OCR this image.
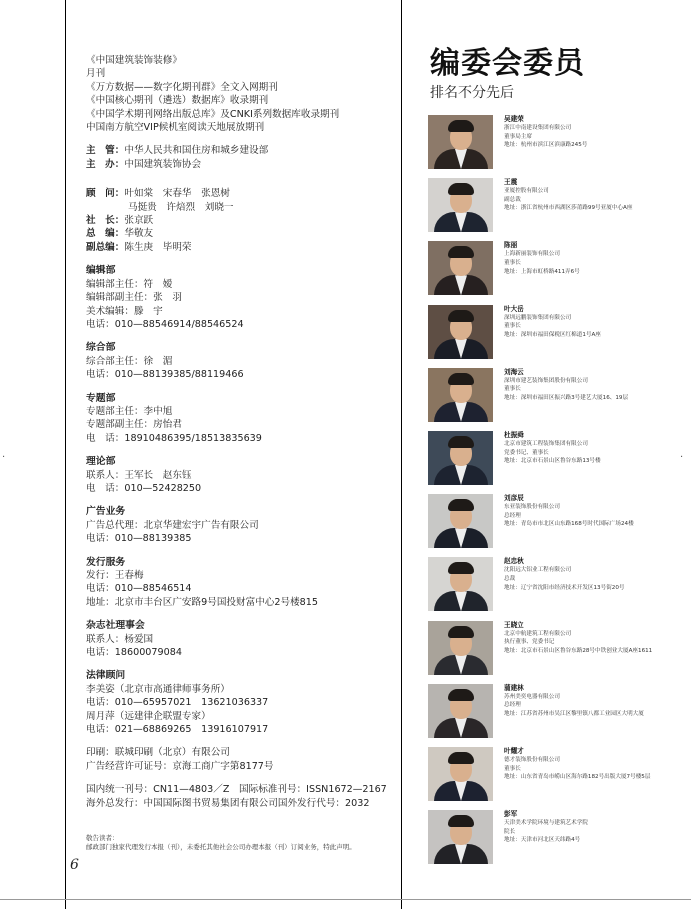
·	·
《中国建筑装饰装修》
月刊
《万方数据——数字化期刊群》全文入网期刊
《中国核心期刊（遴选）数据库》收录期刊
《中国学术期刊网络出版总库》及CNKI系列数据库收录期刊
中国南方航空VIP候机室阅读天地展放期刊
主　管： 中华人民共和国住房和城乡建设部
主　办： 中国建筑装饰协会
顾　问： 叶如棠　宋春华　张恩树
马挺贵　许焙烈　刘晓一
社　长： 张京跃
总　编： 华敬友
副总编： 陈生庚　毕明荣
编辑部
编辑部主任：符　嫒
编辑部副主任：张　羽
美术编辑：滕　宇
电话：010—88546914/88546524
综合部
综合部主任：徐　湄
电话：010—88139385/88119466
专题部
专题部主任：李中旭
专题部副主任：房怡君
电　话：18910486395/18513835639
理论部
联系人：王军长　赵东钰
电　话：010—52428250
广告业务
广告总代理：北京华建宏宇广告有限公司
电话：010—88139385
发行服务
发行：王春梅
电话：010—88546514
地址：北京市丰台区广安路9号国投财富中心2号楼815
杂志社理事会
联系人：杨爱国
电话：18600079084
法律顾问
李美姿（北京市高通律师事务所）
电话：010—65957021　13621036337
周月萍（远建律企联盟专家）
电话：021—68869265　13916107917
印刷：联城印刷（北京）有限公司
广告经营许可证号：京海工商广字第8177号
国内统一刊号：CN11—4803／Z　国际标准刊号：ISSN1672—2167
海外总发行：中国国际图书贸易集团有限公司国外发行代号：2032
敬告读者：
邮政部门独家代理发行本报（刊），未委托其他社会公司办理本报（刊）订阅业务，特此声明。
6
编委会委员
排名不分先后
吴建荣
浙江中南建设集团有限公司
董事局主席
地址：杭州市滨江区滨康路245号
王震
亚厦控股有限公司
副总裁
地址：浙江省杭州市西湖区莎莆路99号亚厦中心A座
陈丽
上海新丽装饰有限公司
董事长
地址：上海市虹桥路411弄6号
叶大岳
深圳远鹏装饰集团有限公司
董事长
地址：深圳市福田保税区红棉道1号A座
刘海云
深圳市建艺装饰集团股份有限公司
董事长
地址：深圳市福田区振兴路3号建艺大厦16、19层
杜振舜
北京市建筑工程装饰集团有限公司
党委书记、董事长
地址：北京市石景山区鲁谷东路13号楼
刘彦辰
东亚装饰股份有限公司
总经理
地址：青岛市市北区山东路168号时代国际广场24楼
赵忠秋
沈阳远大铝业工程有限公司
总裁
地址：辽宁省沈阳市经济技术开发区13号街20号
王晓立
北京中航建筑工程有限公司
执行董事、党委书记
地址：北京市石景山区鲁谷东路28号中铁创业大厦A座1611
蒲建林
苏州美奕电器有限公司
总经理
地址：江苏省苏州市吴江区黎里镇八都工业园区大明大厦
叶耀才
德才装饰股份有限公司
董事长
地址：山东省青岛市崂山区海尔路182号出版大厦7号楼5层
彭军
天津美术学院环境与建筑艺术学院
院长
地址：天津市河北区天纬路4号
